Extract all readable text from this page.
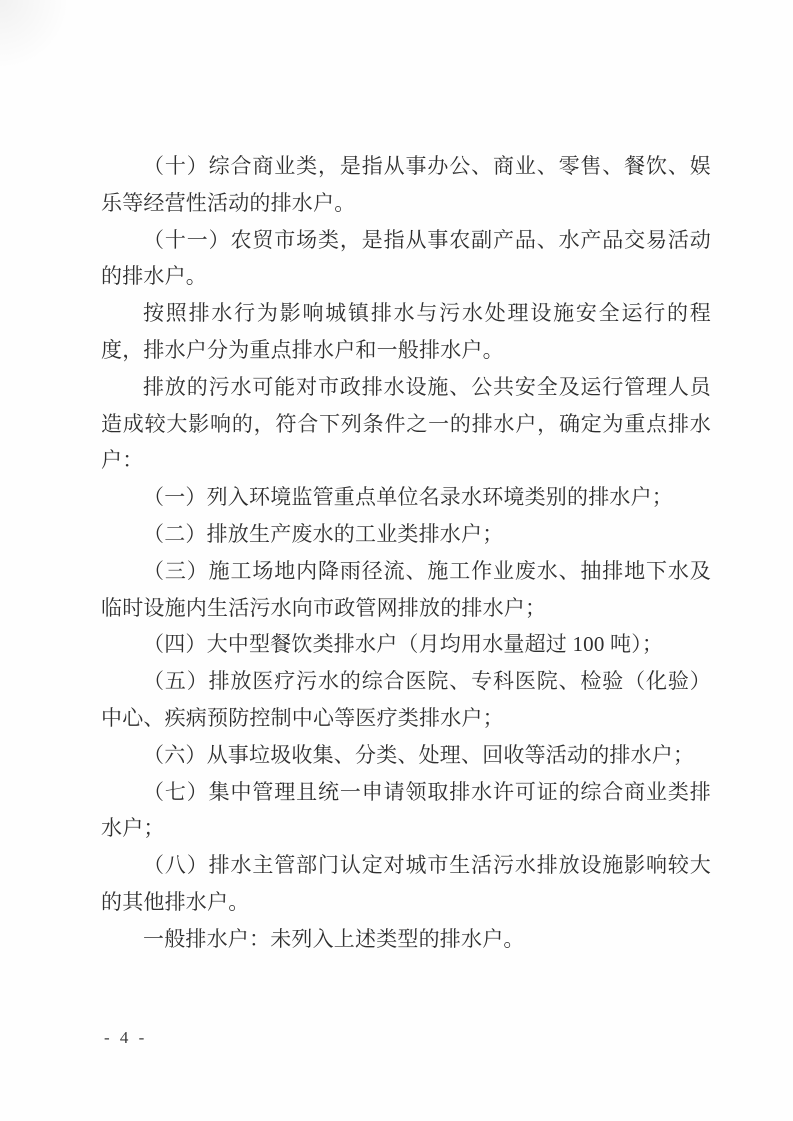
（十）综合商业类，是指从事办公、商业、零售、餐饮、娱乐等经营性活动的排水户。

（十一）农贸市场类，是指从事农副产品、水产品交易活动的排水户。

按照排水行为影响城镇排水与污水处理设施安全运行的程度，排水户分为重点排水户和一般排水户。

排放的污水可能对市政排水设施、公共安全及运行管理人员造成较大影响的，符合下列条件之一的排水户，确定为重点排水户：

（一）列入环境监管重点单位名录水环境类别的排水户；

（二）排放生产废水的工业类排水户；

（三）施工场地内降雨径流、施工作业废水、抽排地下水及临时设施内生活污水向市政管网排放的排水户；

（四）大中型餐饮类排水户（月均用水量超过 100 吨）；

（五）排放医疗污水的综合医院、专科医院、检验（化验）中心、疾病预防控制中心等医疗类排水户；

（六）从事垃圾收集、分类、处理、回收等活动的排水户；

（七）集中管理且统一申请领取排水许可证的综合商业类排水户；

（八）排水主管部门认定对城市生活污水排放设施影响较大的其他排水户。

一般排水户：未列入上述类型的排水户。

- 4 -
